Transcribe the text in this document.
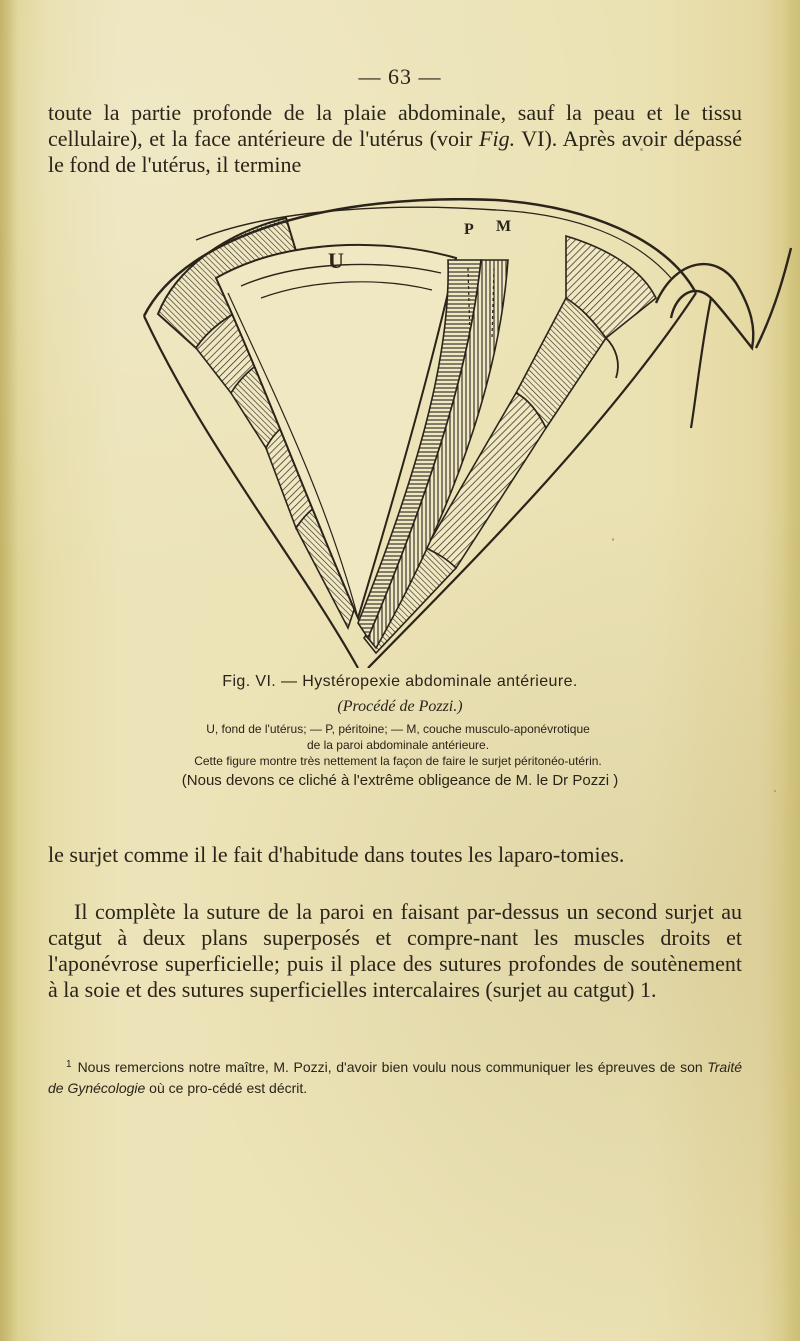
— 63 —
toute la partie profonde de la plaie abdominale, sauf la peau et le tissu cellulaire), et la face antérieure de l'utérus (voir Fig. VI). Après avoir dépassé le fond de l'utérus, il termine
U
P M
Fig. VI. — Hystéropexie abdominale antérieure.
(Procédé de Pozzi.)
U, fond de l'utérus; — P, péritoine; — M, couche musculo-aponévrotique
de la paroi abdominale antérieure.
Cette figure montre très nettement la façon de faire le surjet péritonéo-utérin.
(Nous devons ce cliché à l'extrême obligeance de M. le Dr Pozzi )
le surjet comme il le fait d'habitude dans toutes les laparo-tomies.
Il complète la suture de la paroi en faisant par-dessus un second surjet au catgut à deux plans superposés et compre-nant les muscles droits et l'aponévrose superficielle; puis il place des sutures profondes de soutènement à la soie et des sutures superficielles intercalaires (surjet au catgut) 1.
$^1$ Nous remercions notre maître, M. Pozzi, d'avoir bien voulu nous communiquer les épreuves de son Traité de Gynécologie où ce pro-cédé est décrit.
